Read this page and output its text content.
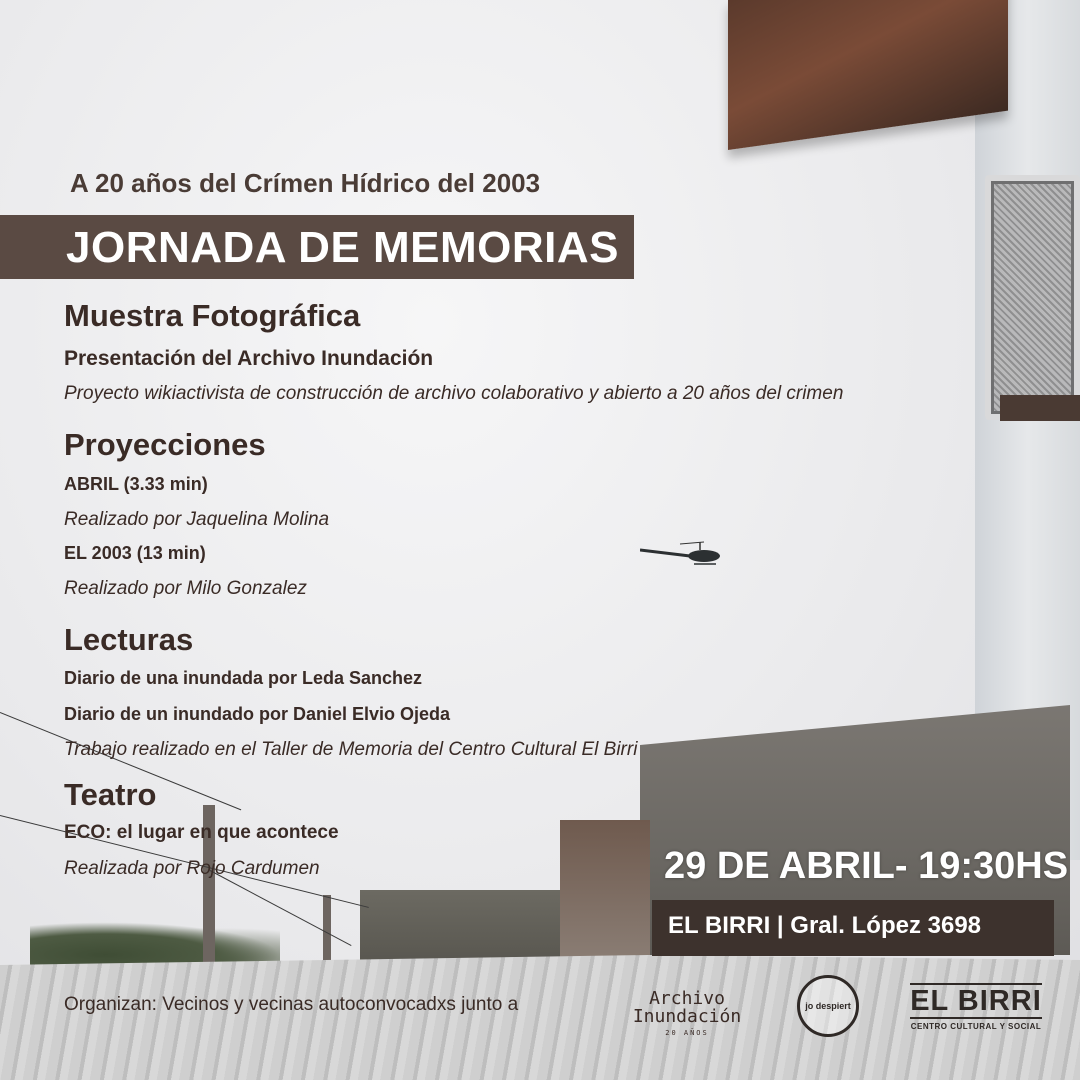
A 20 años del Crímen Hídrico del 2003
JORNADA DE MEMORIAS
Muestra Fotográfica
Presentación del Archivo Inundación
Proyecto wikiactivista de construcción de archivo colaborativo y abierto a 20 años del crimen
Proyecciones
ABRIL (3.33 min)
Realizado por Jaquelina Molina
EL 2003 (13 min)
Realizado por Milo Gonzalez
Lecturas
Diario de una inundada por Leda Sanchez
Diario de un inundado por Daniel Elvio Ojeda
Trabajo realizado en el Taller de Memoria del Centro Cultural El Birri
Teatro
ECO: el lugar en que acontece
Realizada por Rojo Cardumen	29 DE ABRIL- 19:30HS
EL BIRRI | Gral. López 3698
Organizan: Vecinos y vecinas autoconvocadxs junto a	Archivo
Inundación
20 AÑOS
jo despiert EL BIRRI
CENTRO CULTURAL Y SOCIAL
